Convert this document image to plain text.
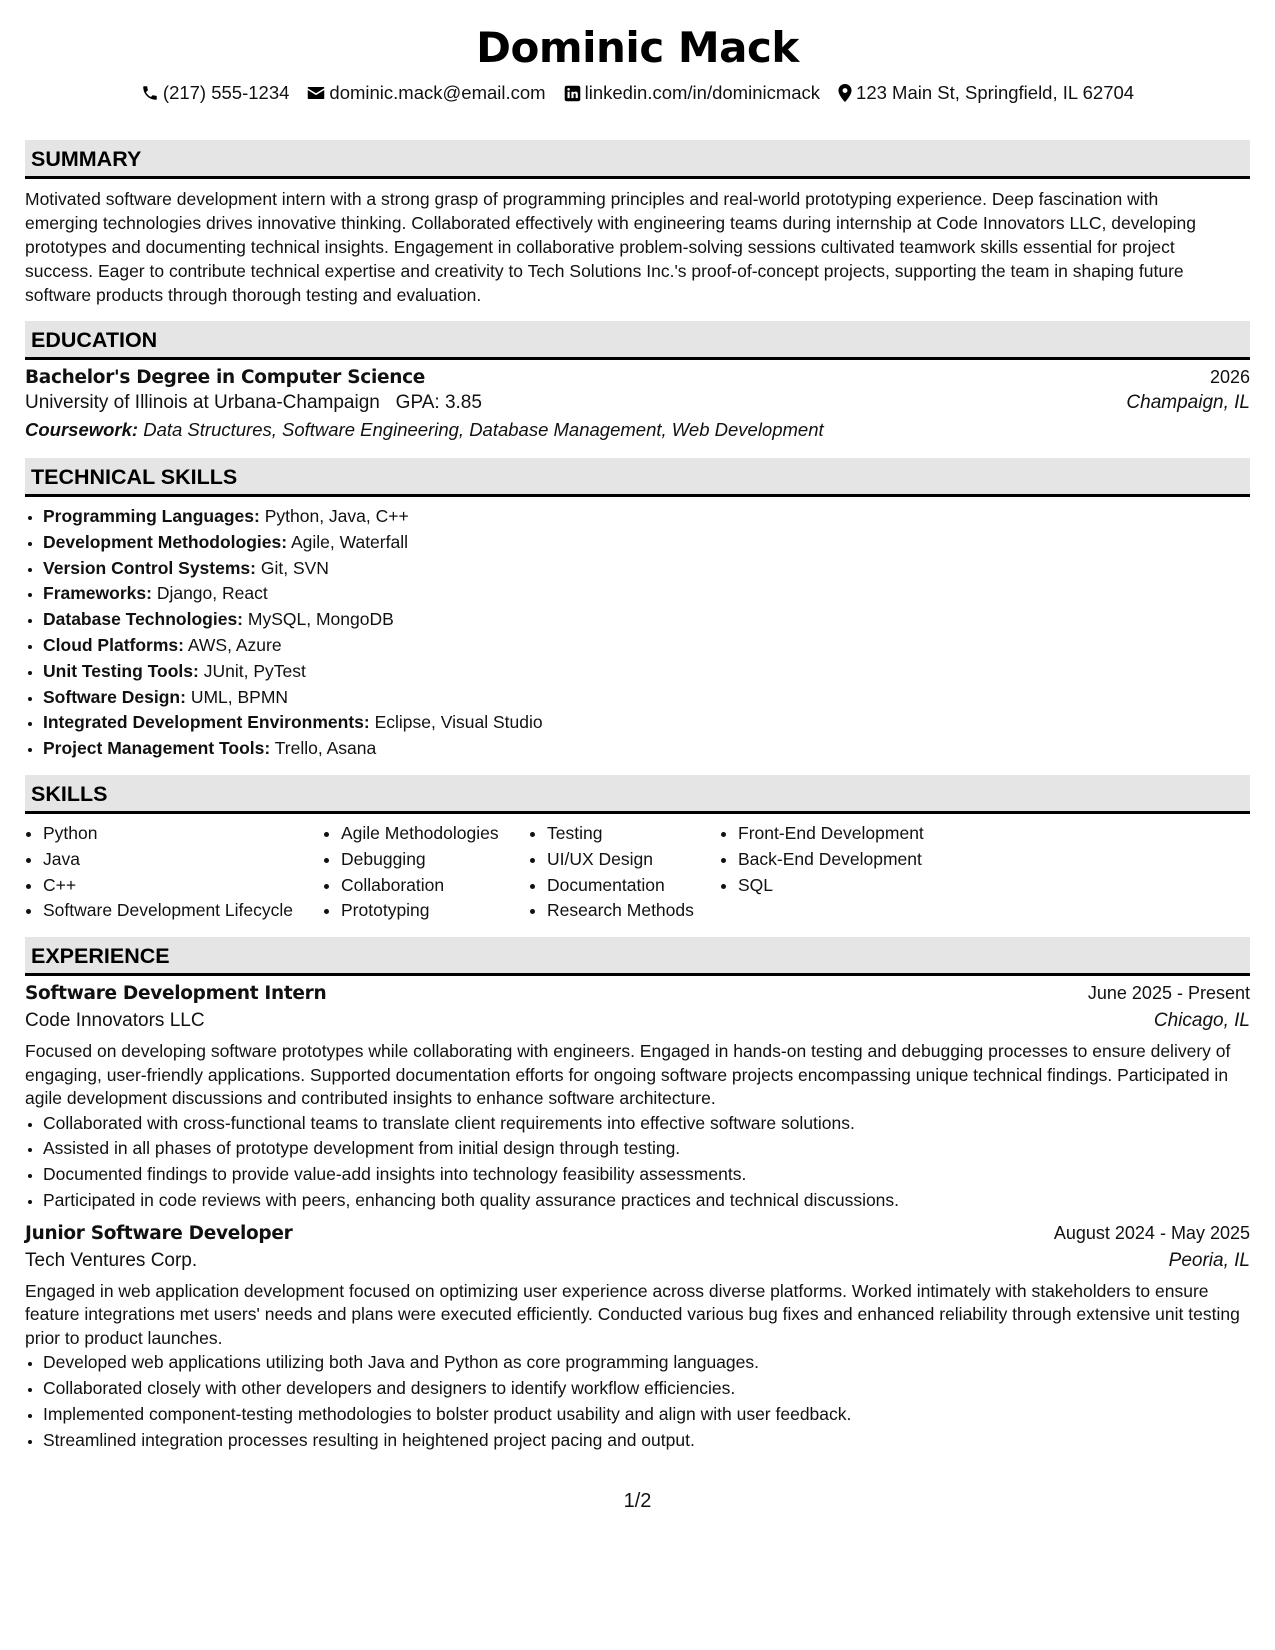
Dominic Mack
(217) 555-1234 dominic.mack@email.com linkedin.com/in/dominicmack 123 Main St, Springfield, IL 62704
SUMMARY
Motivated software development intern with a strong grasp of programming principles and real-world prototyping experience. Deep fascination with emerging technologies drives innovative thinking. Collaborated effectively with engineering teams during internship at Code Innovators LLC, developing prototypes and documenting technical insights. Engagement in collaborative problem-solving sessions cultivated teamwork skills essential for project success. Eager to contribute technical expertise and creativity to Tech Solutions Inc.'s proof-of-concept projects, supporting the team in shaping future software products through thorough testing and evaluation.
EDUCATION
Bachelor's Degree in Computer Science	2026
University of Illinois at Urbana-Champaign GPA: 3.85	Champaign, IL
Coursework: Data Structures, Software Engineering, Database Management, Web Development
TECHNICAL SKILLS
• Programming Languages: Python, Java, C++
• Development Methodologies: Agile, Waterfall
• Version Control Systems: Git, SVN
• Frameworks: Django, React
• Database Technologies: MySQL, MongoDB
• Cloud Platforms: AWS, Azure
• Unit Testing Tools: JUnit, PyTest
• Software Design: UML, BPMN
• Integrated Development Environments: Eclipse, Visual Studio
• Project Management Tools: Trello, Asana
SKILLS
• Python
• Java
• C++
• Software Development Lifecycle
• Agile Methodologies
• Debugging
• Collaboration
• Prototyping
• Testing
• UI/UX Design
• Documentation
• Research Methods
• Front-End Development
• Back-End Development
• SQL
EXPERIENCE
Software Development Intern	June 2025 - Present
Code Innovators LLC	Chicago, IL
Focused on developing software prototypes while collaborating with engineers. Engaged in hands-on testing and debugging processes to ensure delivery of engaging, user-friendly applications. Supported documentation efforts for ongoing software projects encompassing unique technical findings. Participated in agile development discussions and contributed insights to enhance software architecture.
• Collaborated with cross-functional teams to translate client requirements into effective software solutions.
• Assisted in all phases of prototype development from initial design through testing.
• Documented findings to provide value-add insights into technology feasibility assessments.
• Participated in code reviews with peers, enhancing both quality assurance practices and technical discussions.
Junior Software Developer	August 2024 - May 2025
Tech Ventures Corp.	Peoria, IL
Engaged in web application development focused on optimizing user experience across diverse platforms. Worked intimately with stakeholders to ensure feature integrations met users' needs and plans were executed efficiently. Conducted various bug fixes and enhanced reliability through extensive unit testing prior to product launches.
• Developed web applications utilizing both Java and Python as core programming languages.
• Collaborated closely with other developers and designers to identify workflow efficiencies.
• Implemented component-testing methodologies to bolster product usability and align with user feedback.
• Streamlined integration processes resulting in heightened project pacing and output.
1/2
